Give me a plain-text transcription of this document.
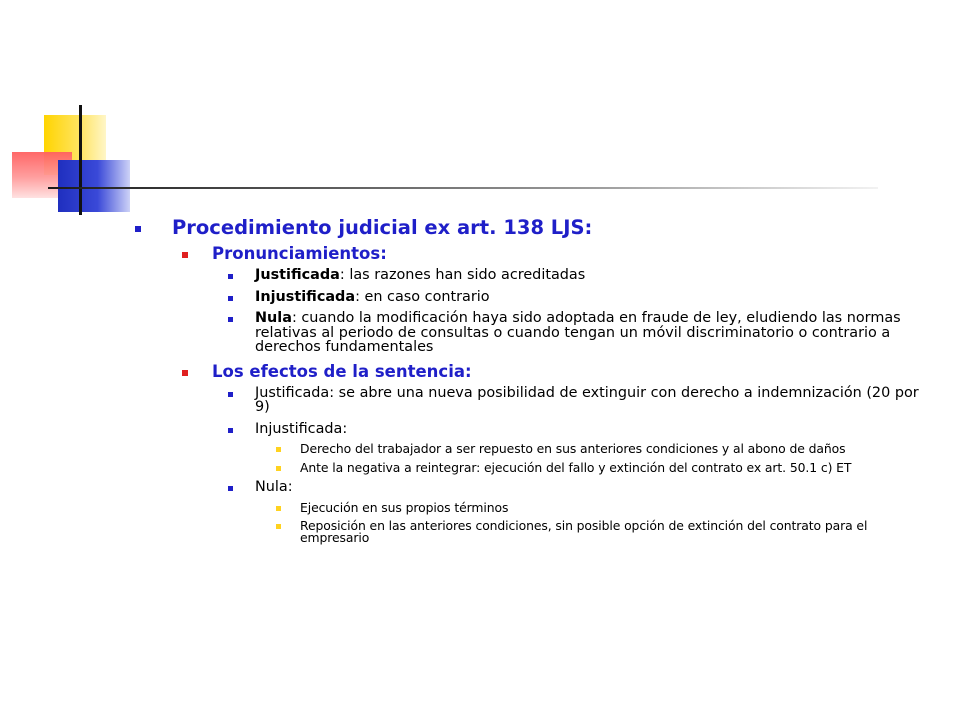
Procedimiento judicial ex art. 138 LJS:
Pronunciamientos:
Justificada: las razones han sido acreditadas
Injustificada: en caso contrario
Nula: cuando la modificación haya sido adoptada en fraude de ley, eludiendo las normas relativas al periodo de consultas o cuando tengan un móvil discriminatorio o contrario a derechos fundamentales
Los efectos de la sentencia:
Justificada: se abre una nueva posibilidad de extinguir con derecho a indemnización (20 por 9)
Injustificada:
Derecho del trabajador a ser repuesto en sus anteriores condiciones y al abono de daños
Ante la negativa a reintegrar: ejecución del fallo y extinción del contrato ex art. 50.1 c) ET
Nula:
Ejecución en sus propios términos
Reposición en las anteriores condiciones, sin posible opción de extinción del contrato para el empresario
